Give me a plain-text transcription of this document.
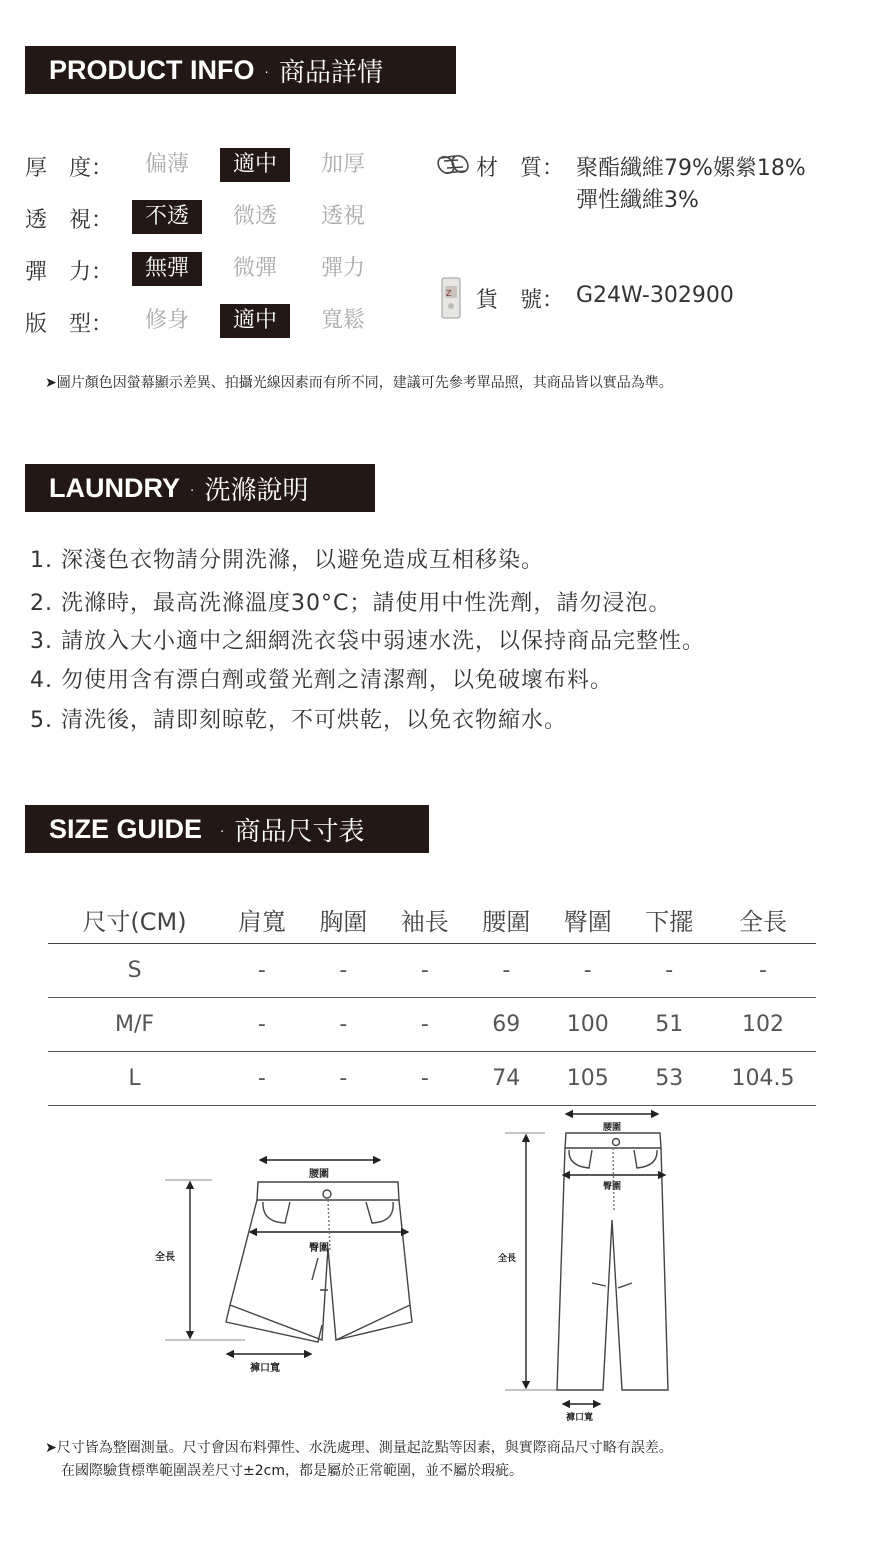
PRODUCT INFO · 商品詳情
厚　度：	偏薄	適中	加厚
透　視：	不透	微透	透視
彈　力：	無彈	微彈	彈力
版　型：	修身	適中	寬鬆
材　質： 聚酯纖維79%嫘縈18%
彈性纖維3%
Z 貨　號： G24W-302900
➤圖片顏色因螢幕顯示差異、拍攝光線因素而有所不同，建議可先參考單品照，其商品皆以實品為準。
LAUNDRY · 洗滌說明
1. 深淺色衣物請分開洗滌，以避免造成互相移染。
2. 洗滌時，最高洗滌溫度30°C；請使用中性洗劑，請勿浸泡。
3. 請放入大小適中之細網洗衣袋中弱速水洗，以保持商品完整性。
4. 勿使用含有漂白劑或螢光劑之清潔劑，以免破壞布料。
5. 清洗後，請即刻晾乾，不可烘乾，以免衣物縮水。
SIZE GUIDE · 商品尺寸表
尺寸(CM)	肩寬	胸圍	袖長	腰圍	臀圍	下擺	全長
S	-	-	-	-	-	-	-
M/F	-	-	-	69	100	51	102
L	-	-	-	74	105	53	104.5
腰圍
臀圍
全長
褲口寬
腰圍
臀圍
全長
褲口寬
➤尺寸皆為整圈測量。尺寸會因布料彈性、水洗處理、測量起訖點等因素，與實際商品尺寸略有誤差。
在國際驗貨標準範圍誤差尺寸±2cm，都是屬於正常範圍，並不屬於瑕疵。
